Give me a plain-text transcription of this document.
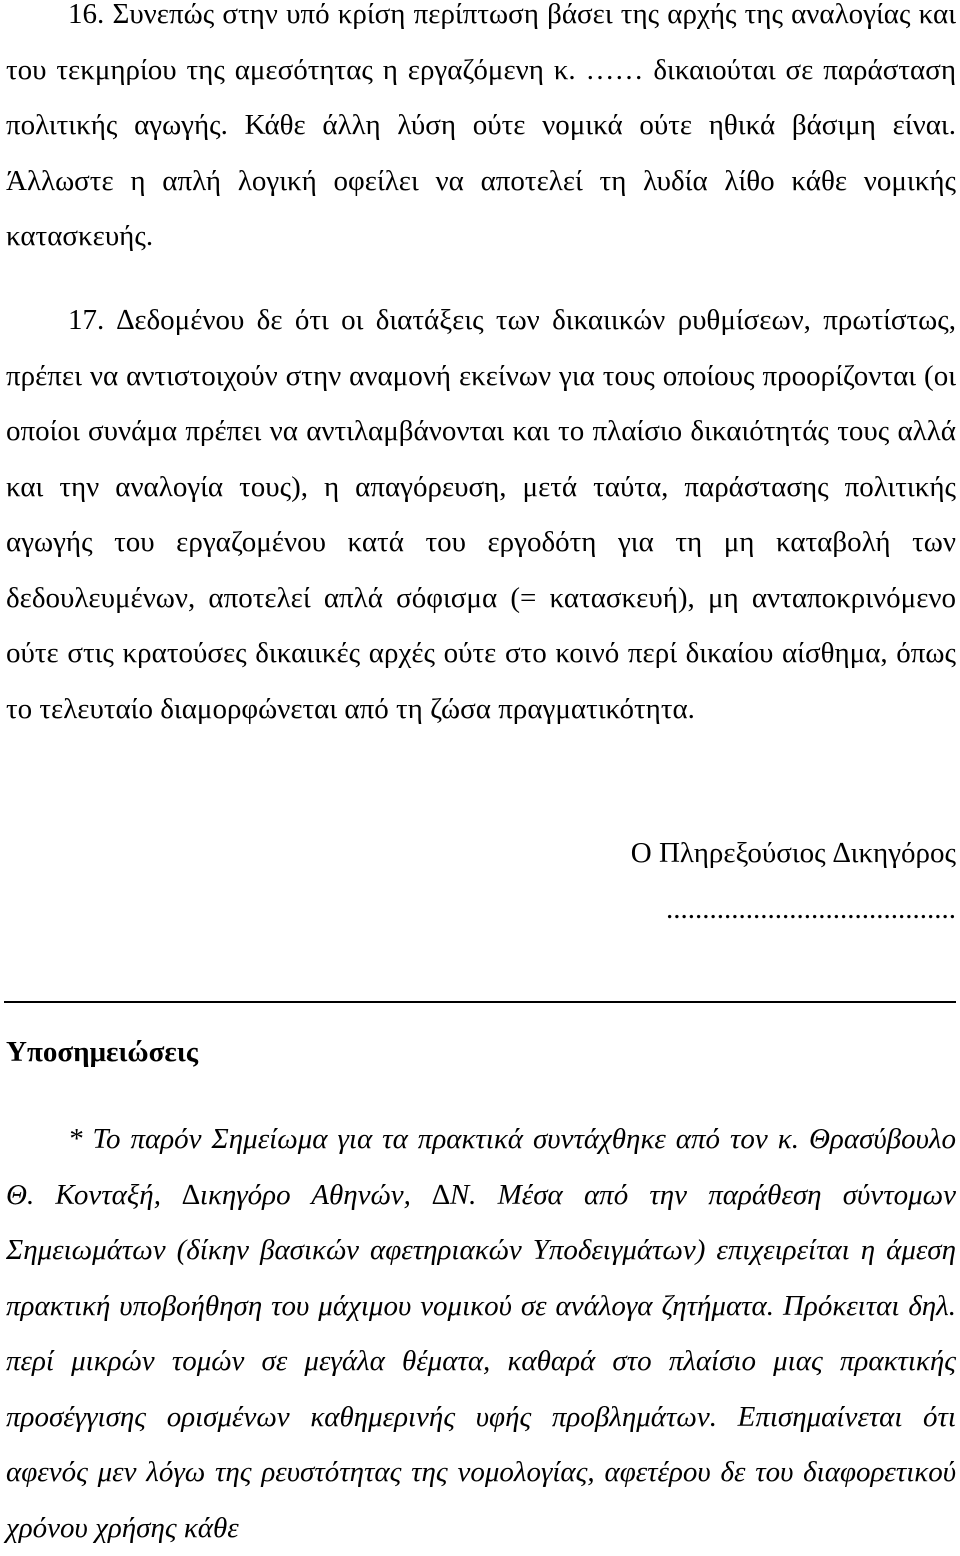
16. Συνεπώς στην υπό κρίση περίπτωση βάσει της αρχής της αναλογίας και του τεκμηρίου της αμεσότητας η εργαζόμενη κ. …… δικαιούται σε παράσταση πολιτικής αγωγής. Κάθε άλλη λύση ούτε νομικά ούτε ηθικά βάσιμη είναι. Άλλωστε η απλή λογική οφείλει να αποτελεί τη λυδία λίθο κάθε νομικής κατασκευής.

17. ∆εδομένου δε ότι οι διατάξεις των δικαιικών ρυθμίσεων, πρωτίστως, πρέπει να αντιστοιχούν στην αναμονή εκείνων για τους οποίους προορίζονται (οι οποίοι συνάμα πρέπει να αντιλαμβάνονται και το πλαίσιο δικαιότητάς τους αλλά και την αναλογία τους), η απαγόρευση, μετά ταύτα, παράστασης πολιτικής αγωγής του εργαζομένου κατά του εργοδότη για τη μη καταβολή των δεδουλευμένων, αποτελεί απλά σόφισμα (= κατασκευή), μη ανταποκρινόμενο ούτε στις κρατούσες δικαιικές αρχές ούτε στο κοινό περί δικαίου αίσθημα, όπως το τελευταίο διαμορφώνεται από τη ζώσα πραγματικότητα.

Ο Πληρεξούσιος ∆ικηγόρος

........................................

Υποσημειώσεις

* Το παρόν Σημείωμα για τα πρακτικά συντάχθηκε από τον κ. Θρασύβουλο Θ. Κονταξή, ∆ικηγόρο Αθηνών, ∆Ν. Μέσα από την παράθεση σύντομων Σημειωμάτων (δίκην βασικών αφετηριακών Υποδειγμάτων) επιχειρείται η άμεση πρακτική υποβοήθηση του μάχιμου νομικού σε ανάλογα ζητήματα. Πρόκειται δηλ. περί μικρών τομών σε μεγάλα θέματα, καθαρά στο πλαίσιο μιας πρακτικής προσέγγισης ορισμένων καθημερινής υφής προβλημάτων. Επισημαίνεται ότι αφενός μεν λόγω της ρευστότητας της νομολογίας, αφετέρου δε του διαφορετικού χρόνου χρήσης κάθε
